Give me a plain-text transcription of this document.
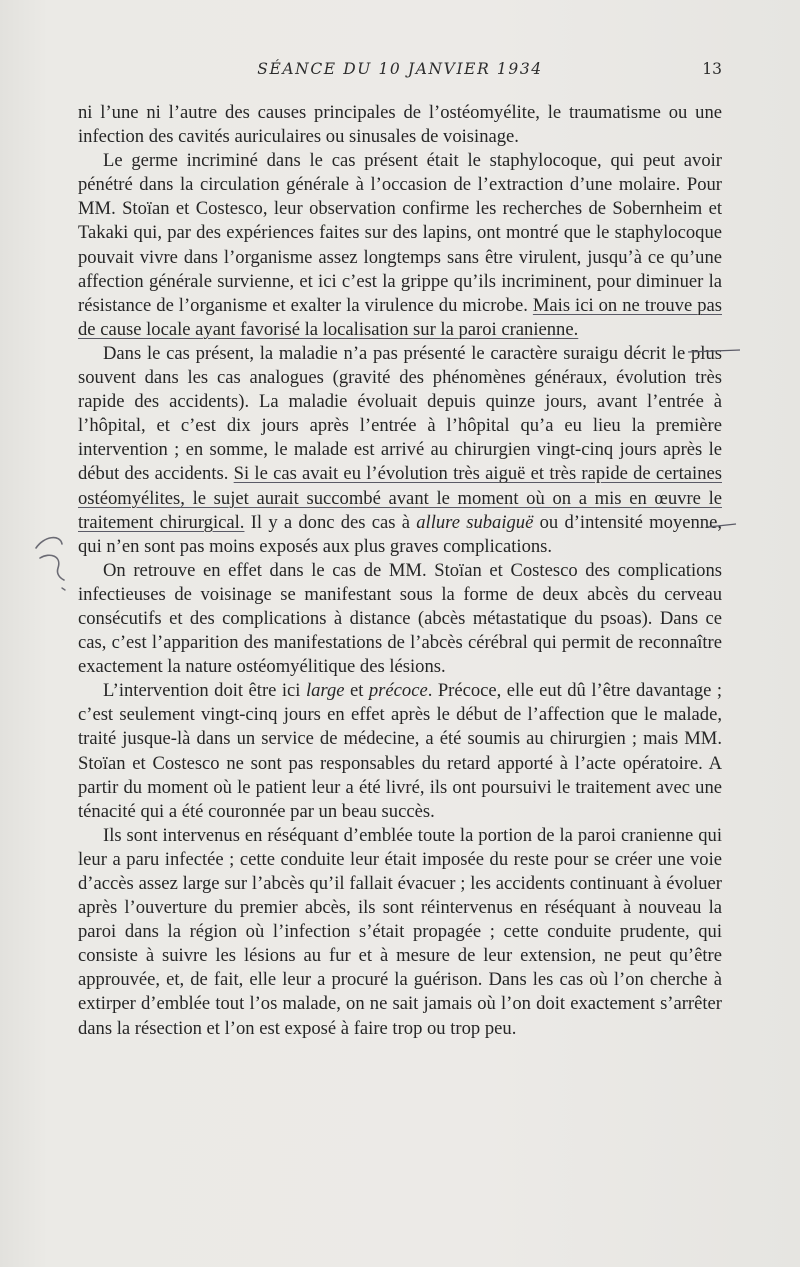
SÉANCE DU 10 JANVIER 1934	13

ni l’une ni l’autre des causes principales de l’ostéomyélite, le traumatisme ou une infection des cavités auriculaires ou sinusales de voisinage.

Le germe incriminé dans le cas présent était le staphylocoque, qui peut avoir pénétré dans la circulation générale à l’occasion de l’extraction d’une molaire. Pour MM. Stoïan et Costesco, leur observation confirme les recherches de Sobernheim et Takaki qui, par des expériences faites sur des lapins, ont montré que le staphylocoque pouvait vivre dans l’organisme assez longtemps sans être virulent, jusqu’à ce qu’une affection générale survienne, et ici c’est la grippe qu’ils incriminent, pour diminuer la résistance de l’organisme et exalter la virulence du microbe. Mais ici on ne trouve pas de cause locale ayant favorisé la localisation sur la paroi cranienne.

Dans le cas présent, la maladie n’a pas présenté le caractère suraigu décrit le plus souvent dans les cas analogues (gravité des phénomènes généraux, évolution très rapide des accidents). La maladie évoluait depuis quinze jours, avant l’entrée à l’hôpital, et c’est dix jours après l’entrée à l’hôpital qu’a eu lieu la première intervention ; en somme, le malade est arrivé au chirurgien vingt-cinq jours après le début des accidents. Si le cas avait eu l’évolution très aiguë et très rapide de certaines ostéomyélites, le sujet aurait succombé avant le moment où on a mis en œuvre le traitement chirurgical. Il y a donc des cas à allure subaiguë ou d’intensité moyenne, qui n’en sont pas moins exposés aux plus graves complications.

On retrouve en effet dans le cas de MM. Stoïan et Costesco des complications infectieuses de voisinage se manifestant sous la forme de deux abcès du cerveau consécutifs et des complications à distance (abcès métastatique du psoas). Dans ce cas, c’est l’apparition des manifestations de l’abcès cérébral qui permit de reconnaître exactement la nature ostéomyélitique des lésions.

L’intervention doit être ici large et précoce. Précoce, elle eut dû l’être davantage ; c’est seulement vingt-cinq jours en effet après le début de l’affection que le malade, traité jusque-là dans un service de médecine, a été soumis au chirurgien ; mais MM. Stoïan et Costesco ne sont pas responsables du retard apporté à l’acte opératoire. A partir du moment où le patient leur a été livré, ils ont poursuivi le traitement avec une ténacité qui a été couronnée par un beau succès.

Ils sont intervenus en réséquant d’emblée toute la portion de la paroi cranienne qui leur a paru infectée ; cette conduite leur était imposée du reste pour se créer une voie d’accès assez large sur l’abcès qu’il fallait évacuer ; les accidents continuant à évoluer après l’ouverture du premier abcès, ils sont réintervenus en réséquant à nouveau la paroi dans la région où l’infection s’était propagée ; cette conduite prudente, qui consiste à suivre les lésions au fur et à mesure de leur extension, ne peut qu’être approuvée, et, de fait, elle leur a procuré la guérison. Dans les cas où l’on cherche à extirper d’emblée tout l’os malade, on ne sait jamais où l’on doit exactement s’arrêter dans la résection et l’on est exposé à faire trop ou trop peu.
